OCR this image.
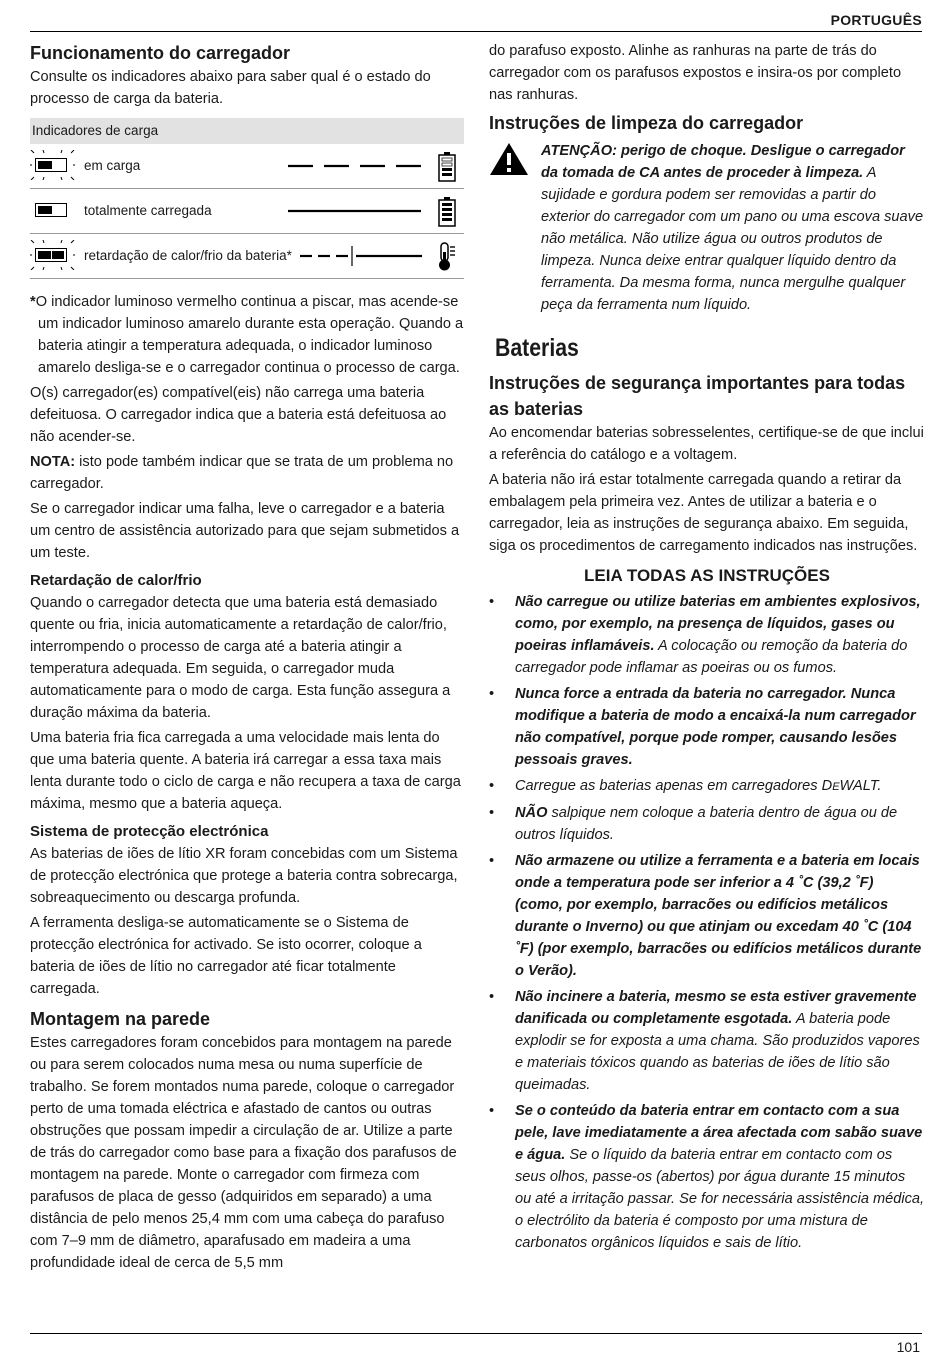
PORTUGUÊS
Funcionamento do carregador

Consulte os indicadores abaixo para saber qual é o estado do processo de carga da bateria.

Indicadores de carga
em carga
totalmente carregada
retardação de calor/frio da bateria*

*O indicador luminoso vermelho continua a piscar, mas acende-se um indicador luminoso amarelo durante esta operação. Quando a bateria atingir a temperatura adequada, o indicador luminoso amarelo desliga-se e o carregador continua o processo de carga.

O(s) carregador(es) compatível(eis) não carrega uma bateria defeituosa. O carregador indica que a bateria está defeituosa ao não acender-se.

NOTA: isto pode também indicar que se trata de um problema no carregador.

Se o carregador indicar uma falha, leve o carregador e a bateria um centro de assistência autorizado para que sejam submetidos a um teste.

Retardação de calor/frio

Quando o carregador detecta que uma bateria está demasiado quente ou fria, inicia automaticamente a retardação de calor/frio, interrompendo o processo de carga até a bateria atingir a temperatura adequada. Em seguida, o carregador muda automaticamente para o modo de carga. Esta função assegura a duração máxima da bateria.

Uma bateria fria fica carregada a uma velocidade mais lenta do que uma bateria quente. A bateria irá carregar a essa taxa mais lenta durante todo o ciclo de carga e não recupera a taxa de carga máxima, mesmo que a bateria aqueça.

Sistema de protecção electrónica

As baterias de iões de lítio XR foram concebidas com um Sistema de protecção electrónica que protege a bateria contra sobrecarga, sobreaquecimento ou descarga profunda.

A ferramenta desliga-se automaticamente se o Sistema de protecção electrónica for activado. Se isto ocorrer, coloque a bateria de iões de lítio no carregador até ficar totalmente carregada.

Montagem na parede

Estes carregadores foram concebidos para montagem na parede ou para serem colocados numa mesa ou numa superfície de trabalho. Se forem montados numa parede, coloque o carregador perto de uma tomada eléctrica e afastado de cantos ou outras obstruções que possam impedir a circulação de ar. Utilize a parte de trás do carregador como base para a fixação dos parafusos de montagem na parede. Monte o carregador com firmeza com parafusos de placa de gesso (adquiridos em separado) a uma distância de pelo menos 25,4 mm com uma cabeça do parafuso com 7–9 mm de diâmetro, aparafusado em madeira a uma profundidade ideal de cerca de 5,5 mm

do parafuso exposto. Alinhe as ranhuras na parte de trás do carregador com os parafusos expostos e insira-os por completo nas ranhuras.

Instruções de limpeza do carregador
ATENÇÃO: perigo de choque. Desligue o carregador da tomada de CA antes de proceder à limpeza. A sujidade e gordura podem ser removidas a partir do exterior do carregador com um pano ou uma escova suave não metálica. Não utilize água ou outros produtos de limpeza. Nunca deixe entrar qualquer líquido dentro da ferramenta. Da mesma forma, nunca mergulhe qualquer peça da ferramenta num líquido.
Baterias
Instruções de segurança importantes para todas as baterias

Ao encomendar baterias sobresselentes, certifique-se de que inclui a referência do catálogo e a voltagem.

A bateria não irá estar totalmente carregada quando a retirar da embalagem pela primeira vez. Antes de utilizar a bateria e o carregador, leia as instruções de segurança abaixo. Em seguida, siga os procedimentos de carregamento indicados nas instruções.

LEIA TODAS AS INSTRUÇÕES
• Não carregue ou utilize baterias em ambientes explosivos, como, por exemplo, na presença de líquidos, gases ou poeiras inflamáveis. A colocação ou remoção da bateria do carregador pode inflamar as poeiras ou os fumos.
• Nunca force a entrada da bateria no carregador. Nunca modifique a bateria de modo a encaixá-la num carregador não compatível, porque pode romper, causando lesões pessoais graves.
• Carregue as baterias apenas em carregadores DEWALT.
• NÃO salpique nem coloque a bateria dentro de água ou de outros líquidos.
• Não armazene ou utilize a ferramenta e a bateria em locais onde a temperatura pode ser inferior a 4 ˚C (39,2 ˚F) (como, por exemplo, barracões ou edifícios metálicos durante o Inverno) ou que atinjam ou excedam 40 ˚C (104 ˚F) (por exemplo, barracões ou edifícios metálicos durante o Verão).
• Não incinere a bateria, mesmo se esta estiver gravemente danificada ou completamente esgotada. A bateria pode explodir se for exposta a uma chama. São produzidos vapores e materiais tóxicos quando as baterias de iões de lítio são queimadas.
• Se o conteúdo da bateria entrar em contacto com a sua pele, lave imediatamente a área afectada com sabão suave e água. Se o líquido da bateria entrar em contacto com os seus olhos, passe-os (abertos) por água durante 15 minutos ou até a irritação passar. Se for necessária assistência médica, o electrólito da bateria é composto por uma mistura de carbonatos orgânicos líquidos e sais de lítio.
101
